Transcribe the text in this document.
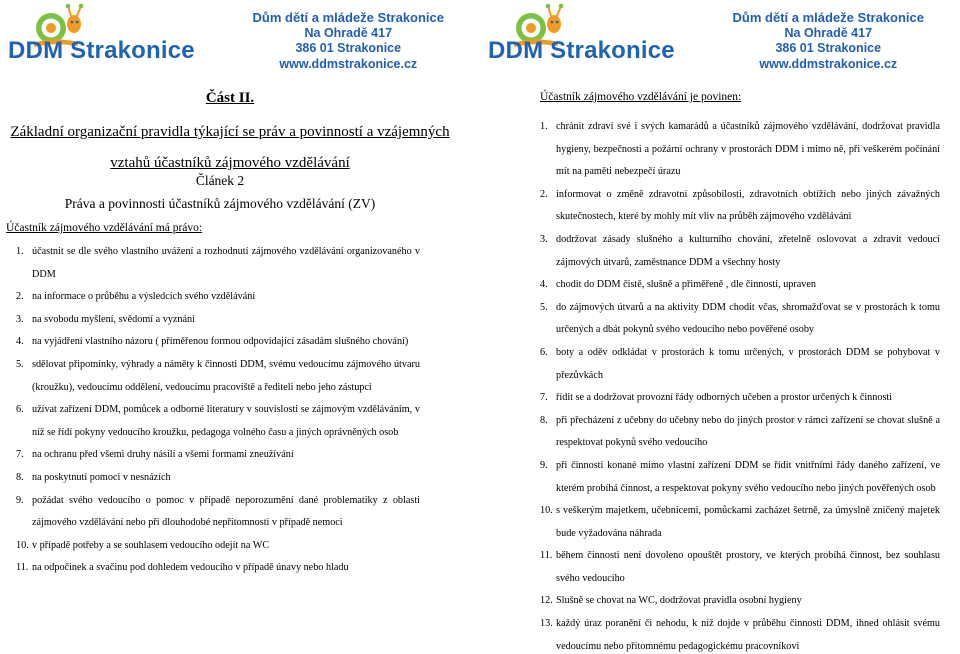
DDM Strakonice
Dům dětí a mládeže Strakonice
Na Ohradě 417
386 01 Strakonice
www.ddmstrakonice.cz
Část II.
Základní organizační pravidla týkající se práv a povinností a vzájemných
vztahů účastníků zájmového vzdělávání
Článek 2
Práva a povinnosti účastníků zájmového vzdělávání (ZV)
Účastník zájmového vzdělávání má právo:
1. účastnit se dle svého vlastního uvážení a rozhodnutí zájmového vzdělávání organizovaného v DDM
2. na informace o průběhu a výsledcích svého vzdělávání
3. na svobodu myšlení, svědomí a vyznání
4. na vyjádření vlastního názoru ( přiměřenou formou odpovídající zásadám slušného chování)
5. sdělovat připomínky, výhrady a náměty k činnosti DDM, svému vedoucímu zájmového útvaru (kroužku), vedoucímu oddělení, vedoucímu pracoviště a řediteli nebo jeho zástupci
6. užívat zařízení DDM, pomůcek a odborné literatury v souvislosti se zájmovým vzděláváním, v níž se řídí pokyny vedoucího kroužku, pedagoga volného času a jiných oprávněných osob
7. na ochranu před všemi druhy násilí a všemi formami zneužívání
8. na poskytnutí pomoci v nesnázích
9. požádat svého vedoucího o pomoc v případě neporozumění dané problematiky z oblasti zájmového vzdělávání nebo při dlouhodobé nepřítomnosti v případě nemoci
10. v případě potřeby a se souhlasem vedoucího odejít na WC
11. na odpočinek a svačinu pod dohledem vedoucího v případě únavy nebo hladu
DDM Strakonice
Dům dětí a mládeže Strakonice
Na Ohradě 417
386 01 Strakonice
www.ddmstrakonice.cz
Účastník zájmového vzdělávání je povinen:
1. chránit zdraví své i svých kamarádů a účastníků zájmového vzdělávání, dodržovat pravidla hygieny, bezpečnosti a požární ochrany v prostorách DDM i mimo ně, při veškerém počínání mít na paměti nebezpečí úrazu
2. informovat o změně zdravotní způsobilosti, zdravotních obtížích nebo jiných závažných skutečnostech, které by mohly mít vliv na průběh zájmového vzdělávání
3. dodržovat zásady slušného a kulturního chování, zřetelně oslovovat a zdravit vedoucí zájmových útvarů, zaměstnance DDM a všechny hosty
4. chodit do DDM čistě, slušně a přiměřeně , dle činnosti, upraven
5. do zájmových útvarů a na aktivity DDM chodit včas, shromažďovat se v prostorách k tomu určených a dbát pokynů svého vedoucího nebo pověřené osoby
6. boty a oděv odkládat v prostorách k tomu určených, v prostorách DDM se pohybovat v přezůvkách
7. řídit se a dodržovat provozní řády odborných učeben a prostor určených k činnosti
8. při přecházení z učebny do učebny nebo do jiných prostor v rámci zařízení se chovat slušně a respektovat pokynů svého vedoucího
9. při činnosti konané mimo vlastní zařízení DDM se řídit vnitřními řády daného zařízení, ve kterém probíhá činnost, a respektovat pokyny svého vedoucího nebo jiných pověřených osob
10. s veškerým majetkem, učebnicemi, pomůckami zacházet šetrně, za úmyslně zničený majetek bude vyžadována náhrada
11. během činnosti není dovoleno opouštět prostory, ve kterých probíhá činnost, bez souhlasu svého vedoucího
12. Slušně se chovat na WC, dodržovat pravidla osobní hygieny
13. každý úraz poranění či nehodu, k níž dojde v průběhu činnosti DDM, ihned ohlásit svému vedoucímu nebo přítomnému pedagogickému pracovníkovi
